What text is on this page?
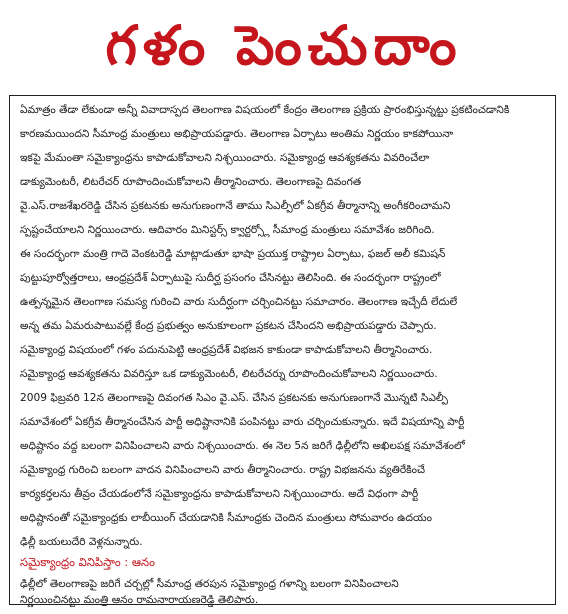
గళం పెంచుదాం
ఏమాత్రం తేడా లేకుండా అన్నీ వివాదాస్పద తెలంగాణ విషయంలో కేంద్రం తెలంగాణ ప్రక్రియ ప్రారంభిస్తున్నట్టు ప్రకటించడానికి
కారణమయిందని సీమాంధ్ర మంత్రులు అభిప్రాయపడ్డారు. తెలంగాణ ఏర్పాటు అంతిమ నిర్ణయం కాకపోయినా
ఇకపై మేమంతా సమైక్యాంధ్రను కాపాడుకోవాలని నిశ్చయించారు. సమైక్యాంధ్ర ఆవశ్యకతను వివరించేలా
డాక్యుమెంటరీ, లిటరేచర్ రూపొందించుకోవాలని తీర్మానించారు. తెలంగాణపై దివంగత
వై.ఎస్.రాజశేఖరరెడ్డి చేసిన ప్రకటనకు అనుగుణంగానే తాము సిఎల్పీలో ఏకగ్రీవ తీర్మానాన్ని అంగీకరించామని
స్పష్టంచేయాలని నిర్ణయించారు. ఆదివారం మినిస్టర్స్ క్వార్టర్స్లో సీమాంధ్ర మంత్రులు సమావేశం జరిగింది.
ఈ సందర్భంగా మంత్రి గాదె వెంకటరెడ్డి మాట్లాడుతూ భాషా ప్రయుక్త రాష్ట్రాల ఏర్పాటు, ఫజల్ అలీ కమిషన్
పుట్టుపూర్వోత్తరాలు, ఆంధ్రప్రదేశ్ ఏర్పాటుపై సుదీర్ఘ ప్రసంగం చేసినట్టు తెలిసింది. ఈ సందర్భంగా రాష్ట్రంలో
ఉత్పన్నమైన తెలంగాణ సమస్య గురించి వారు సుదీర్ఘంగా చర్చించినట్టు సమాచారం. తెలంగాణ ఇచ్చేదీ లేదులే
అన్న తమ ఏమరుపాటువల్లే కేంద్ర ప్రభుత్వం అనుకూలంగా ప్రకటన చేసిందని అభిప్రాయపడ్డారు చెప్పారు.
సమైక్యాంధ్ర విషయంలో గళం పదునుపెట్టి ఆంధ్రప్రదేశ్ విభజన కాకుండా కాపాడుకోవాలని తీర్మానించారు.
సమైక్యాంధ్ర ఆవశ్యకతను వివరిస్తూ ఒక డాక్యుమెంటరీ, లిటరేచర్ను రూపొందించుకోవాలని నిర్ణయించారు.
2009 ఫిబ్రవరి 12న తెలంగాణపై దివంగత సిఎం వై.ఎస్. చేసిన ప్రకటనకు అనుగుణంగానే మొన్నటి సిఎల్పీ
సమావేశంలో ఏకగ్రీవ తీర్మానంచేసిన పార్టీ అధిష్టానానికి పంపినట్టు వారు చర్చించుకున్నారు. ఇదే విషయాన్ని పార్టీ
అధిష్టానం వద్ద బలంగా వినిపించాలని వారు నిశ్చయించారు. ఈ నెల 5న జరిగే ఢిల్లీలోని అఖిలపక్ష సమావేశంలో
సమైక్యాంధ్ర గురించి బలంగా వాదన వినిపించాలని వారు తీర్మానించారు. రాష్ట్ర విభజనను వ్యతిరేకించే
కార్యకర్తలను తీవ్రం చేయడంలోనే సమైక్యాంధ్రను కాపాడుకోవాలని నిశ్చయించారు. అదే విధంగా పార్టీ
అధిష్టానంతో సమైక్యాంధ్రకు లాబీయింగ్ చేయడానికి సీమాంధ్రకు చెందిన మంత్రులు సోమవారం ఉదయం
ఢిల్లీ బయలుదేరి వెళ్లనున్నారు.
సమైక్యాంధ్రం వినిపిస్తాం : ఆనం
ఢిల్లీలో తెలంగాణపై జరిగే చర్చల్లో సీమాంధ్ర తరపున సమైక్యాంధ్ర గళాన్ని బలంగా వినిపించాలని
నిర్ణయించినట్టు మంత్రి ఆనం రామనారాయణరెడ్డి తెలిపారు.
